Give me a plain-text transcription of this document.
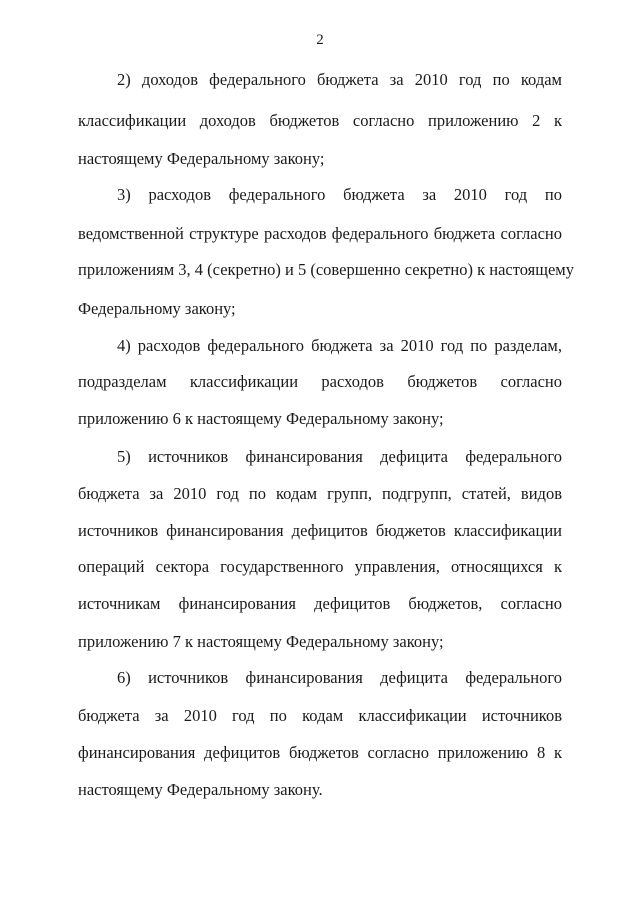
2
2) доходов федерального бюджета за 2010 год по кодам
классификации доходов бюджетов согласно приложению 2 к
настоящему Федеральному закону;
3) расходов федерального бюджета за 2010 год по
ведомственной структуре расходов федерального бюджета согласно
приложениям 3, 4 (секретно) и 5 (совершенно секретно) к настоящему
Федеральному закону;
4) расходов федерального бюджета за 2010 год по разделам,
подразделам классификации расходов бюджетов согласно
приложению 6 к настоящему Федеральному закону;
5) источников финансирования дефицита федерального
бюджета за 2010 год по кодам групп, подгрупп, статей, видов
источников финансирования дефицитов бюджетов классификации
операций сектора государственного управления, относящихся к
источникам финансирования дефицитов бюджетов, согласно
приложению 7 к настоящему Федеральному закону;
6) источников финансирования дефицита федерального
бюджета за 2010 год по кодам классификации источников
финансирования дефицитов бюджетов согласно приложению 8 к
настоящему Федеральному закону.
